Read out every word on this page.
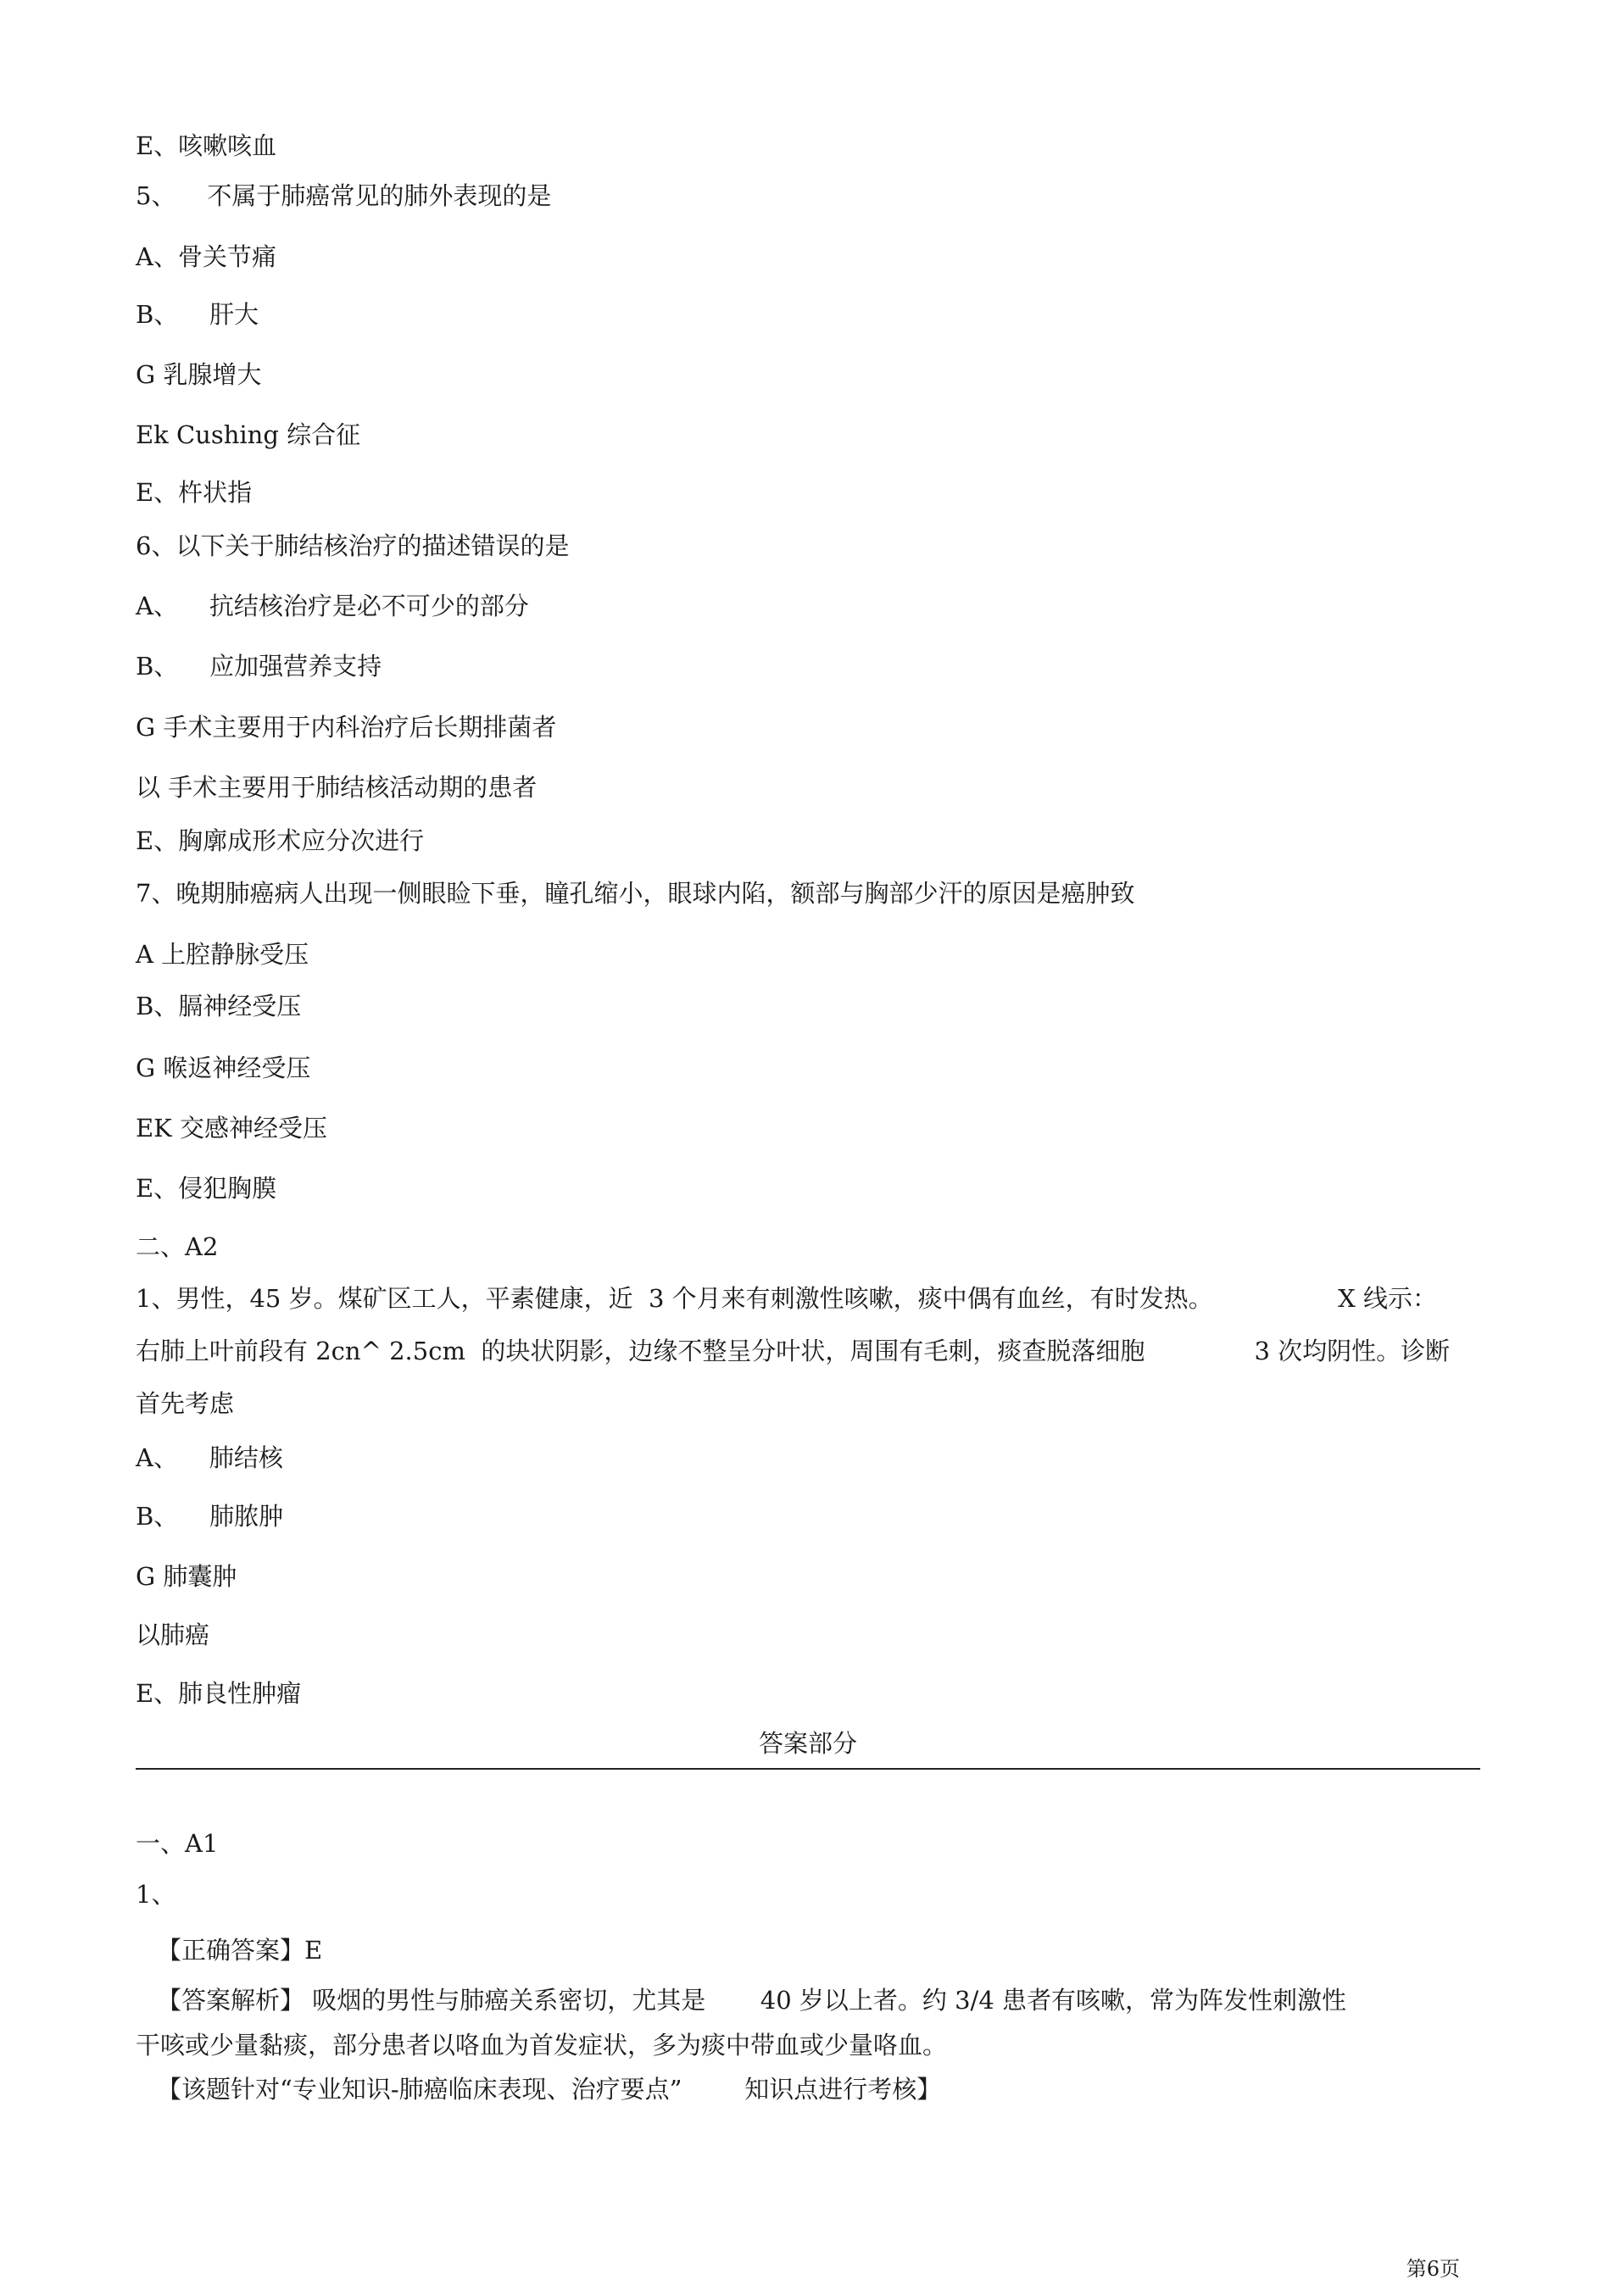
E、咳嗽咳血

5、    不属于肺癌常见的肺外表现的是

A、骨关节痛

B、    肝大

G 乳腺增大

Ek Cushing 综合征

E、杵状指

6、以下关于肺结核治疗的描述错误的是

A、    抗结核治疗是必不可少的部分

B、    应加强营养支持

G 手术主要用于内科治疗后长期排菌者

以 手术主要用于肺结核活动期的患者

E、胸廓成形术应分次进行

7、晚期肺癌病人出现一侧眼睑下垂，瞳孔缩小，眼球内陷，额部与胸部少汗的原因是癌肿致

A 上腔静脉受压

B、膈神经受压

G 喉返神经受压

EK 交感神经受压

E、侵犯胸膜

二、A2

1、男性，45 岁。煤矿区工人，平素健康，近  3 个月来有刺激性咳嗽，痰中偶有血丝，有时发热。                X 线示：右肺上叶前段有 2cn^ 2.5cm  的块状阴影，边缘不整呈分叶状，周围有毛刺，痰查脱落细胞              3 次均阴性。诊断首先考虑

A、    肺结核

B、    肺脓肿

G 肺囊肿

以肺癌

E、肺良性肿瘤

答案部分

一、A1

1、

【正确答案】E

【答案解析】 吸烟的男性与肺癌关系密切，尤其是       40 岁以上者。约 3/4 患者有咳嗽，常为阵发性刺激性

干咳或少量黏痰，部分患者以咯血为首发症状，多为痰中带血或少量咯血。

【该题针对“专业知识-肺癌临床表现、治疗要点”        知识点进行考核】

第6页
